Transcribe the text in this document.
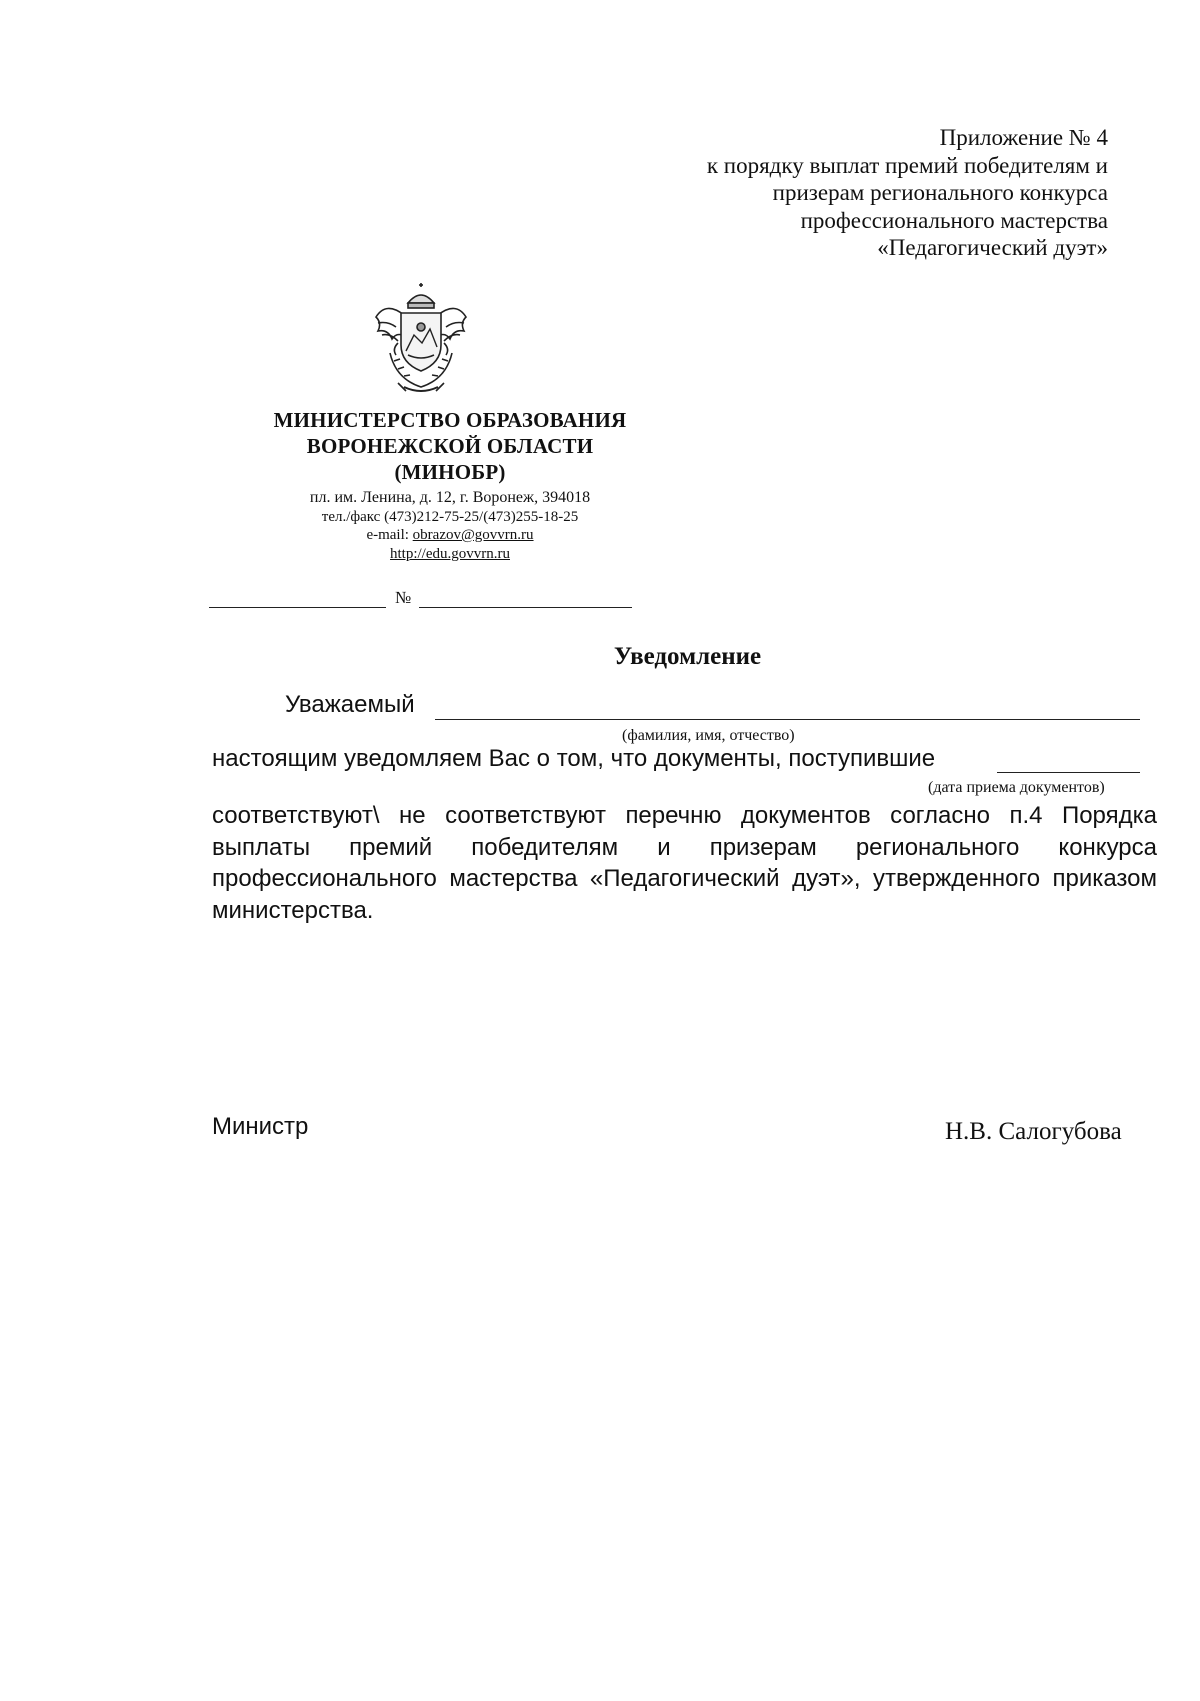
Приложение № 4
к порядку выплат премий победителям и
призерам регионального конкурса
профессионального мастерства
«Педагогический дуэт»
МИНИСТЕРСТВО ОБРАЗОВАНИЯ
ВОРОНЕЖСКОЙ ОБЛАСТИ
(МИНОБР)
пл. им. Ленина, д. 12, г. Воронеж, 394018
тел./факс (473)212-75-25/(473)255-18-25
e-mail: obrazov@govvrn.ru
http://edu.govvrn.ru
№
Уведомление
Уважаемый
(фамилия, имя, отчество)
настоящим уведомляем Вас о том, что документы, поступившие
(дата приема документов)
соответствуют\ не соответствуют перечню документов согласно п.4 Порядка выплаты премий победителям и призерам регионального конкурса профессионального мастерства «Педагогический дуэт», утвержденного приказом министерства.
Министр	Н.В. Салогубова
